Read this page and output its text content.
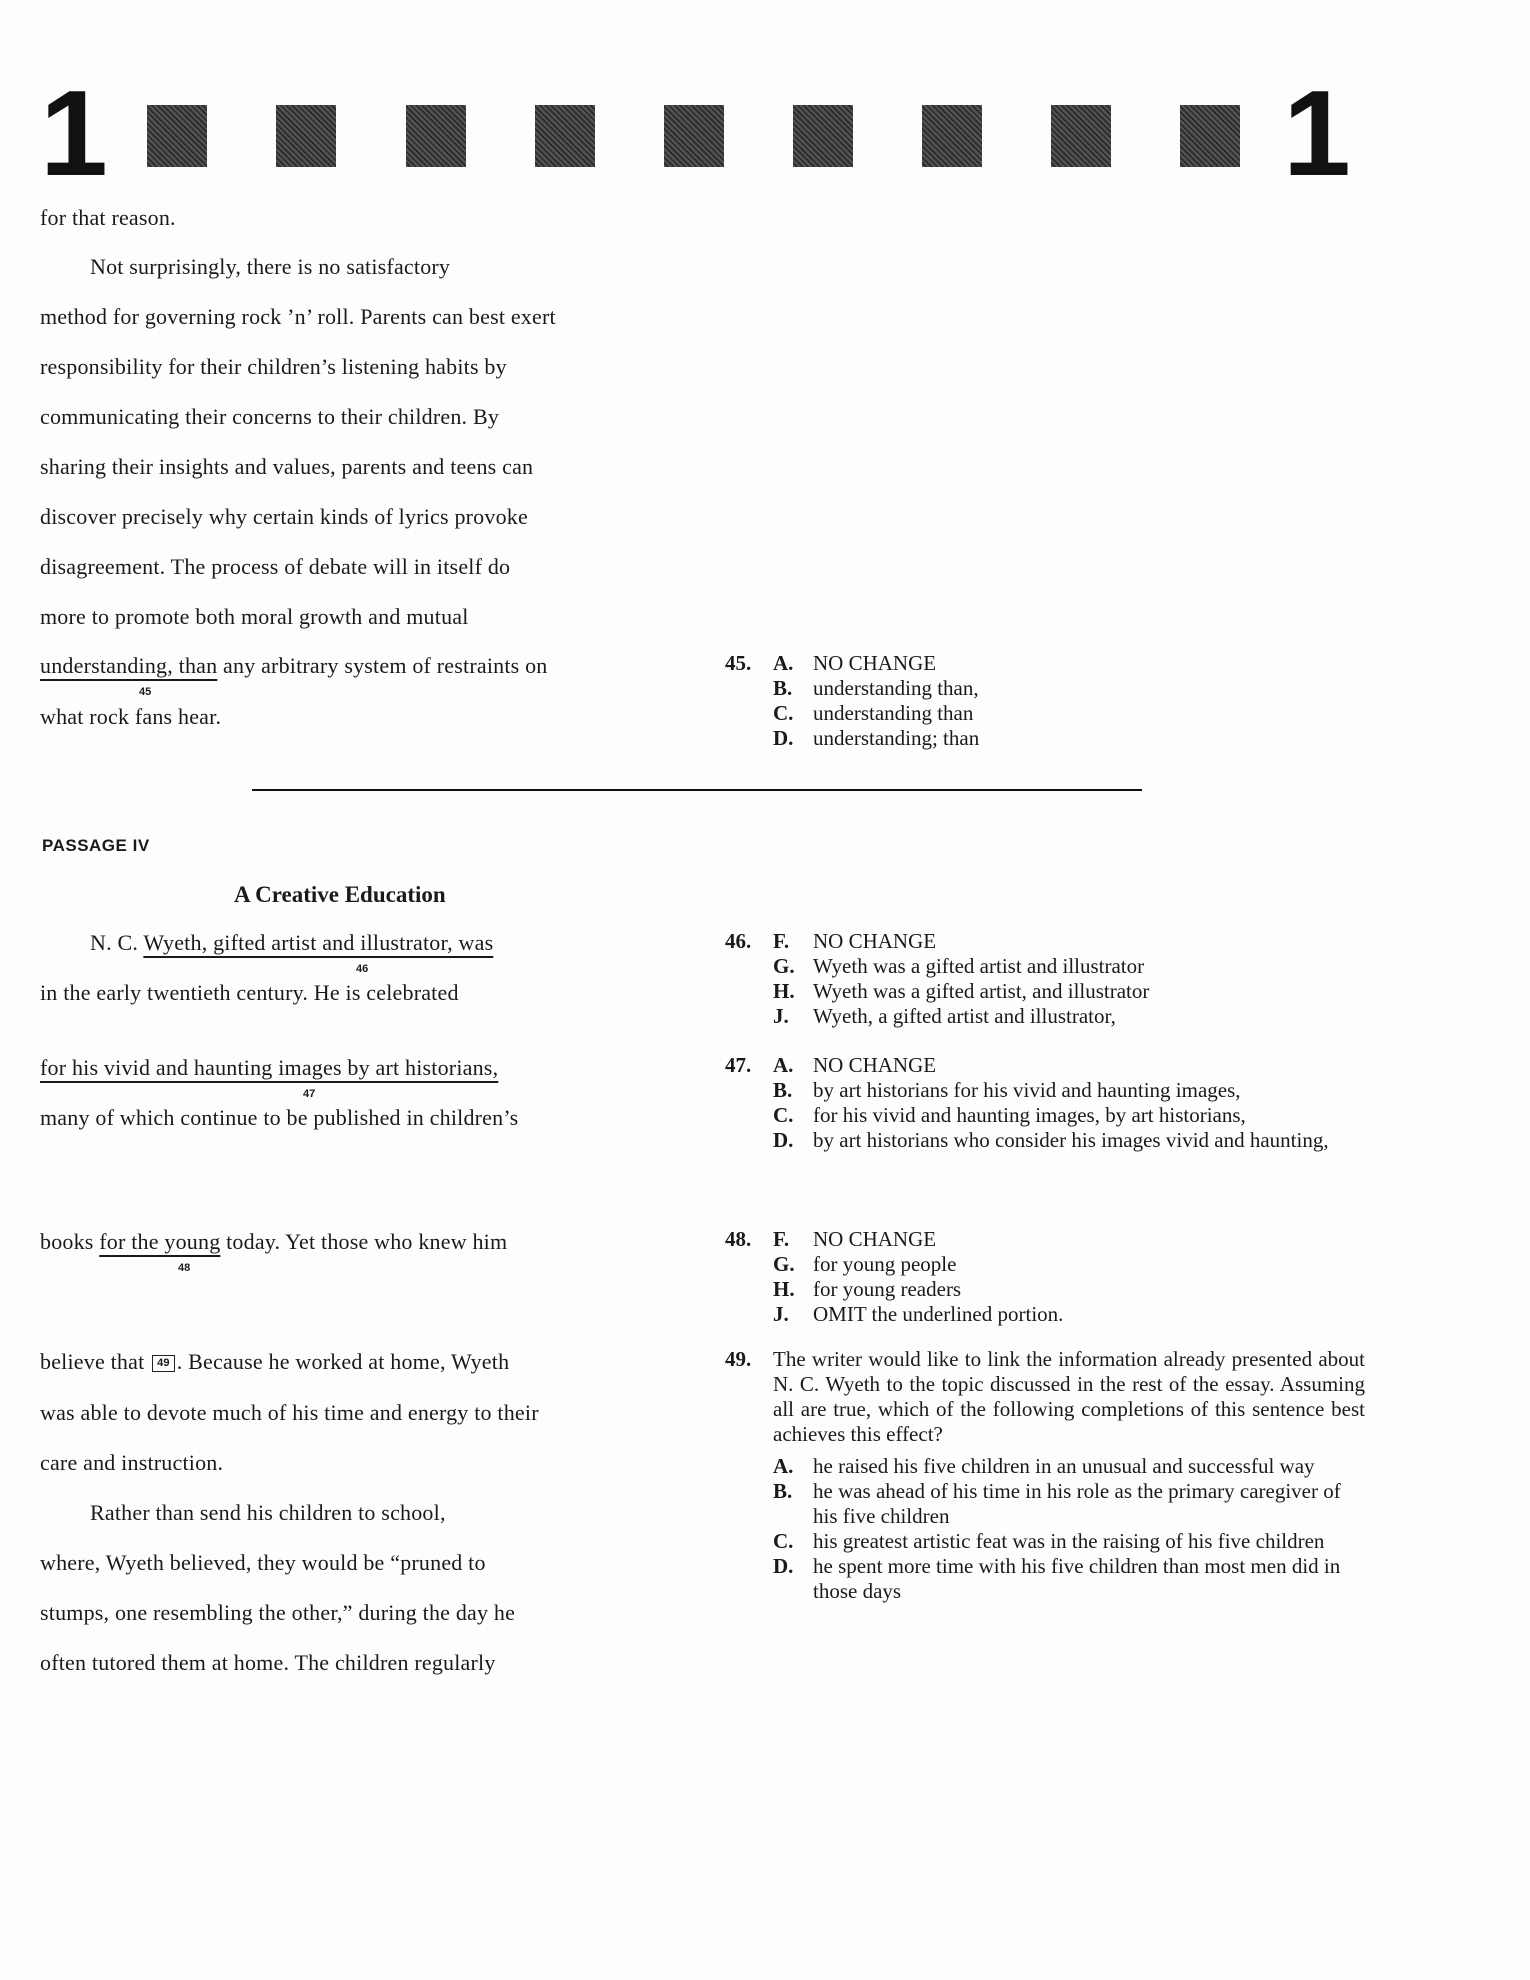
1	1
for that reason.
Not surprisingly, there is no satisfactory
method for governing rock ’n’ roll. Parents can best exert
responsibility for their children’s listening habits by
communicating their concerns to their children. By
sharing their insights and values, parents and teens can
discover precisely why certain kinds of lyrics provoke
disagreement. The process of debate will in itself do
more to promote both moral growth and mutual
understanding, than any arbitrary system of restraints on
45
what rock fans hear.
45. A. NO CHANGE
B. understanding than,
C. understanding than
D. understanding; than
PASSAGE IV
A Creative Education
N. C. Wyeth, gifted artist and illustrator, was
46
in the early twentieth century. He is celebrated
for his vivid and haunting images by art historians,
47
many of which continue to be published in children’s
books for the young today. Yet those who knew him
48
believe that 49 . Because he worked at home, Wyeth
was able to devote much of his time and energy to their
care and instruction.
Rather than send his children to school,
where, Wyeth believed, they would be “pruned to
stumps, one resembling the other,” during the day he
often tutored them at home. The children regularly
46. F. NO CHANGE
G. Wyeth was a gifted artist and illustrator
H. Wyeth was a gifted artist, and illustrator
J. Wyeth, a gifted artist and illustrator,
47. A. NO CHANGE
B. by art historians for his vivid and haunting images,
C. for his vivid and haunting images, by art historians,
D. by art historians who consider his images vivid and haunting,
48. F. NO CHANGE
G. for young people
H. for young readers
J. OMIT the underlined portion.
49. The writer would like to link the information already presented about N. C. Wyeth to the topic discussed in the rest of the essay. Assuming all are true, which of the following completions of this sentence best achieves this effect?
A. he raised his five children in an unusual and successful way
B. he was ahead of his time in his role as the primary caregiver of his five children
C. his greatest artistic feat was in the raising of his five children
D. he spent more time with his five children than most men did in those days
